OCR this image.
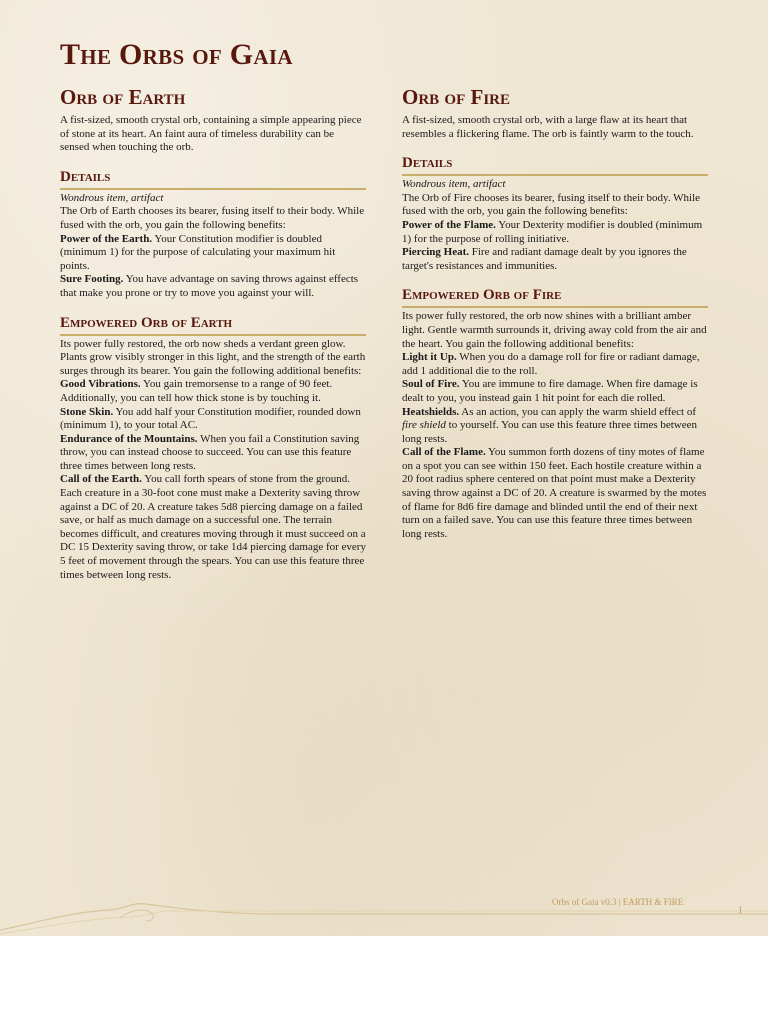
The Orbs of Gaia
Orb of Earth

A fist-sized, smooth crystal orb, containing a simple appearing piece of stone at its heart. An faint aura of timeless durability can be sensed when touching the orb.

Details

Wondrous item, artifact

The Orb of Earth chooses its bearer, fusing itself to their body. While fused with the orb, you gain the following benefits:

Power of the Earth. Your Constitution modifier is doubled (minimum 1) for the purpose of calculating your maximum hit points.

Sure Footing. You have advantage on saving throws against effects that make you prone or try to move you against your will.

Empowered Orb of Earth

Its power fully restored, the orb now sheds a verdant green glow. Plants grow visibly stronger in this light, and the strength of the earth surges through its bearer. You gain the following additional benefits:

Good Vibrations. You gain tremorsense to a range of 90 feet. Additionally, you can tell how thick stone is by touching it.

Stone Skin. You add half your Constitution modifier, rounded down (minimum 1), to your total AC.

Endurance of the Mountains. When you fail a Constitution saving throw, you can instead choose to succeed. You can use this feature three times between long rests.

Call of the Earth. You call forth spears of stone from the ground. Each creature in a 30-foot cone must make a Dexterity saving throw against a DC of 20. A creature takes 5d8 piercing damage on a failed save, or half as much damage on a successful one. The terrain becomes difficult, and creatures moving through it must succeed on a DC 15 Dexterity saving throw, or take 1d4 piercing damage for every 5 feet of movement through the spears. You can use this feature three times between long rests.

Orb of Fire

A fist-sized, smooth crystal orb, with a large flaw at its heart that resembles a flickering flame. The orb is faintly warm to the touch.

Details

Wondrous item, artifact

The Orb of Fire chooses its bearer, fusing itself to their body. While fused with the orb, you gain the following benefits:

Power of the Flame. Your Dexterity modifier is doubled (minimum 1) for the purpose of rolling initiative.

Piercing Heat. Fire and radiant damage dealt by you ignores the target's resistances and immunities.

Empowered Orb of Fire

Its power fully restored, the orb now shines with a brilliant amber light. Gentle warmth surrounds it, driving away cold from the air and the heart. You gain the following additional benefits:

Light it Up. When you do a damage roll for fire or radiant damage, add 1 additional die to the roll.

Soul of Fire. You are immune to fire damage. When fire damage is dealt to you, you instead gain 1 hit point for each die rolled.

Heatshields. As an action, you can apply the warm shield effect of fire shield to yourself. You can use this feature three times between long rests.

Call of the Flame. You summon forth dozens of tiny motes of flame on a spot you can see within 150 feet. Each hostile creature within a 20 foot radius sphere centered on that point must make a Dexterity saving throw against a DC of 20. A creature is swarmed by the motes of flame for 8d6 fire damage and blinded until the end of their next turn on a failed save. You can use this feature three times between long rests.

Orbs of Gaia v0.3 | EARTH & FIRE
1
